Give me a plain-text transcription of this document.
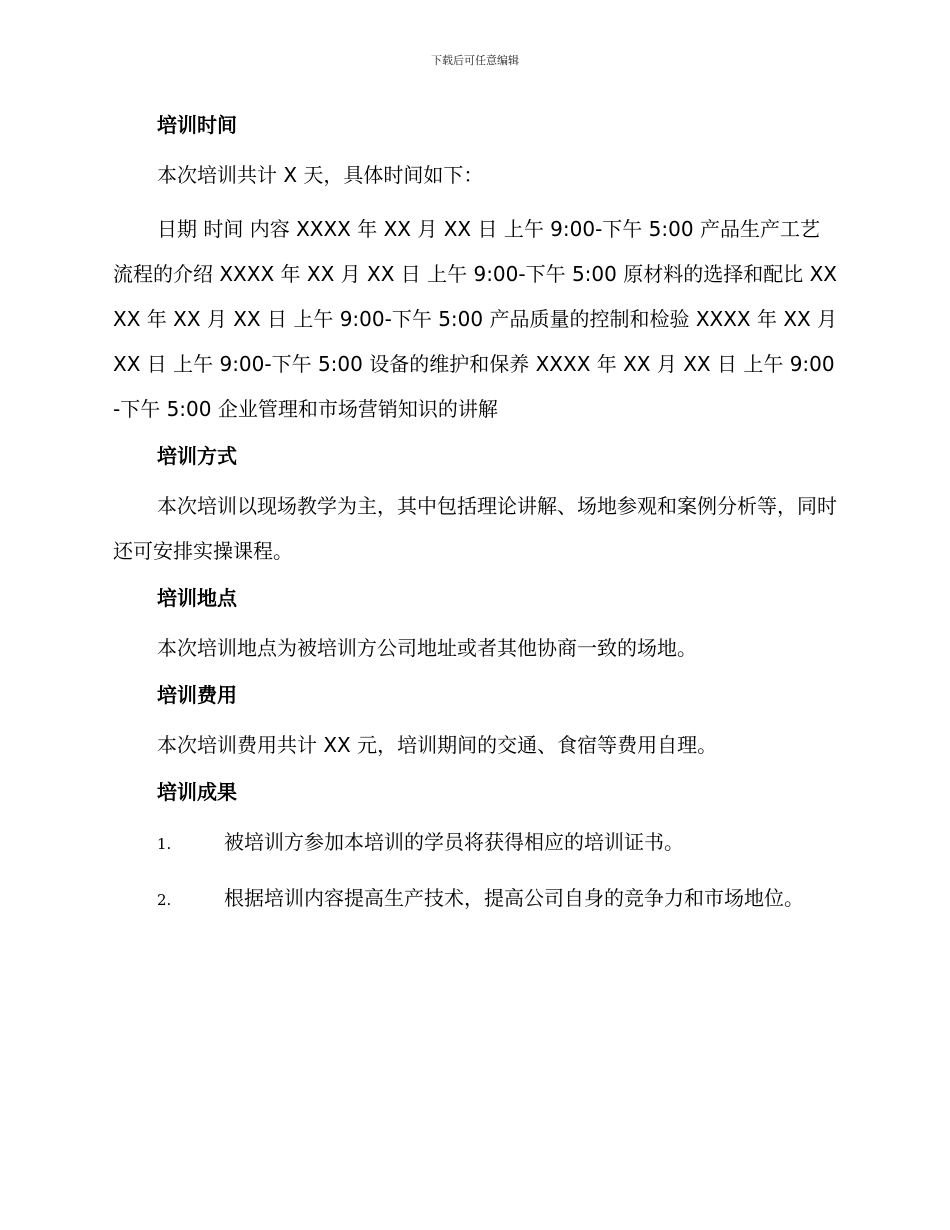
下载后可任意编辑
培训时间
本次培训共计 X 天，具体时间如下：
日期 时间 内容 XXXX 年 XX 月 XX 日 上午 9:00-下午 5:00 产品生产工艺流程的介绍 XXXX 年 XX 月 XX 日 上午 9:00-下午 5:00 原材料的选择和配比 XXXX 年 XX 月 XX 日 上午 9:00-下午 5:00 产品质量的控制和检验 XXXX 年 XX 月 XX 日 上午 9:00-下午 5:00 设备的维护和保养 XXXX 年 XX 月 XX 日 上午 9:00-下午 5:00 企业管理和市场营销知识的讲解
培训方式
本次培训以现场教学为主，其中包括理论讲解、场地参观和案例分析等，同时还可安排实操课程。
培训地点
本次培训地点为被培训方公司地址或者其他协商一致的场地。
培训费用
本次培训费用共计 XX 元，培训期间的交通、食宿等费用自理。
培训成果
1.	被培训方参加本培训的学员将获得相应的培训证书。
2.	根据培训内容提高生产技术，提高公司自身的竞争力和市场地位。
